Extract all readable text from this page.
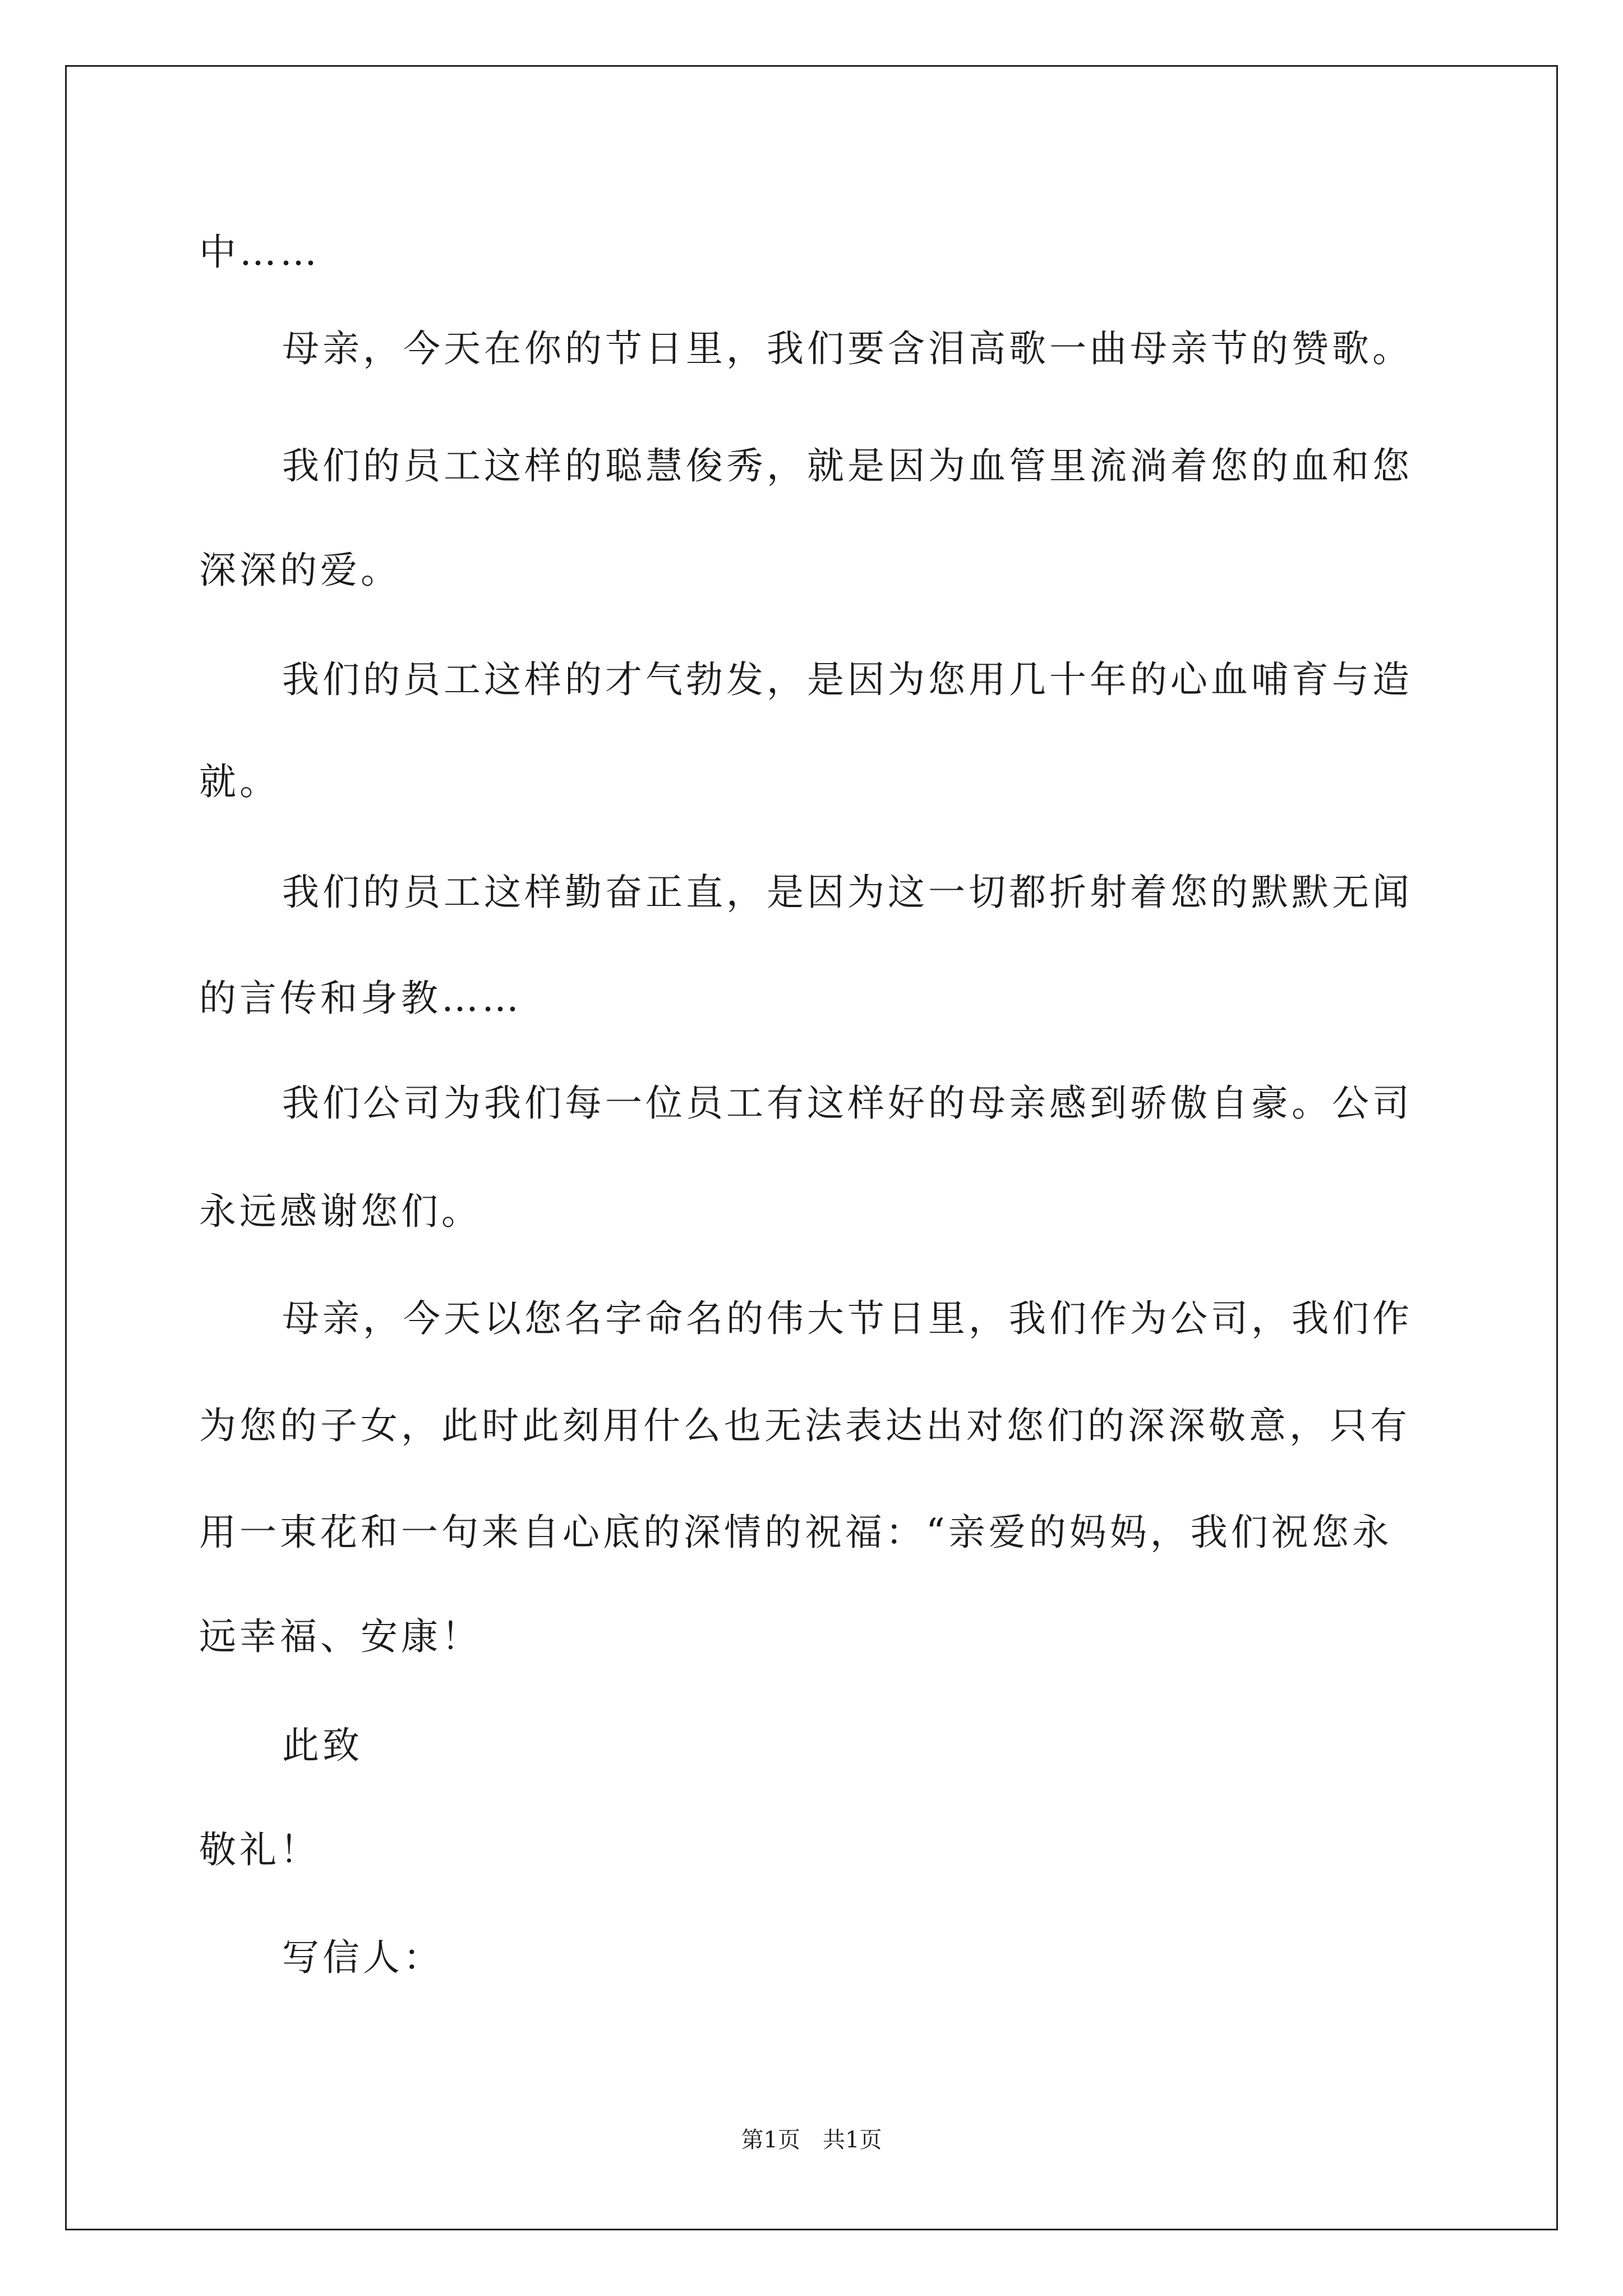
中……

母亲，今天在你的节日里，我们要含泪高歌一曲母亲节的赞歌。

我们的员工这样的聪慧俊秀，就是因为血管里流淌着您的血和您

深深的爱。

我们的员工这样的才气勃发，是因为您用几十年的心血哺育与造

就。

我们的员工这样勤奋正直，是因为这一切都折射着您的默默无闻

的言传和身教……

我们公司为我们每一位员工有这样好的母亲感到骄傲自豪。公司

永远感谢您们。

母亲，今天以您名字命名的伟大节日里，我们作为公司，我们作

为您的子女，此时此刻用什么也无法表达出对您们的深深敬意，只有

用一束花和一句来自心底的深情的祝福：“亲爱的妈妈，我们祝您永

远幸福、安康！

此致

敬礼！

写信人：

第1页　共1页
